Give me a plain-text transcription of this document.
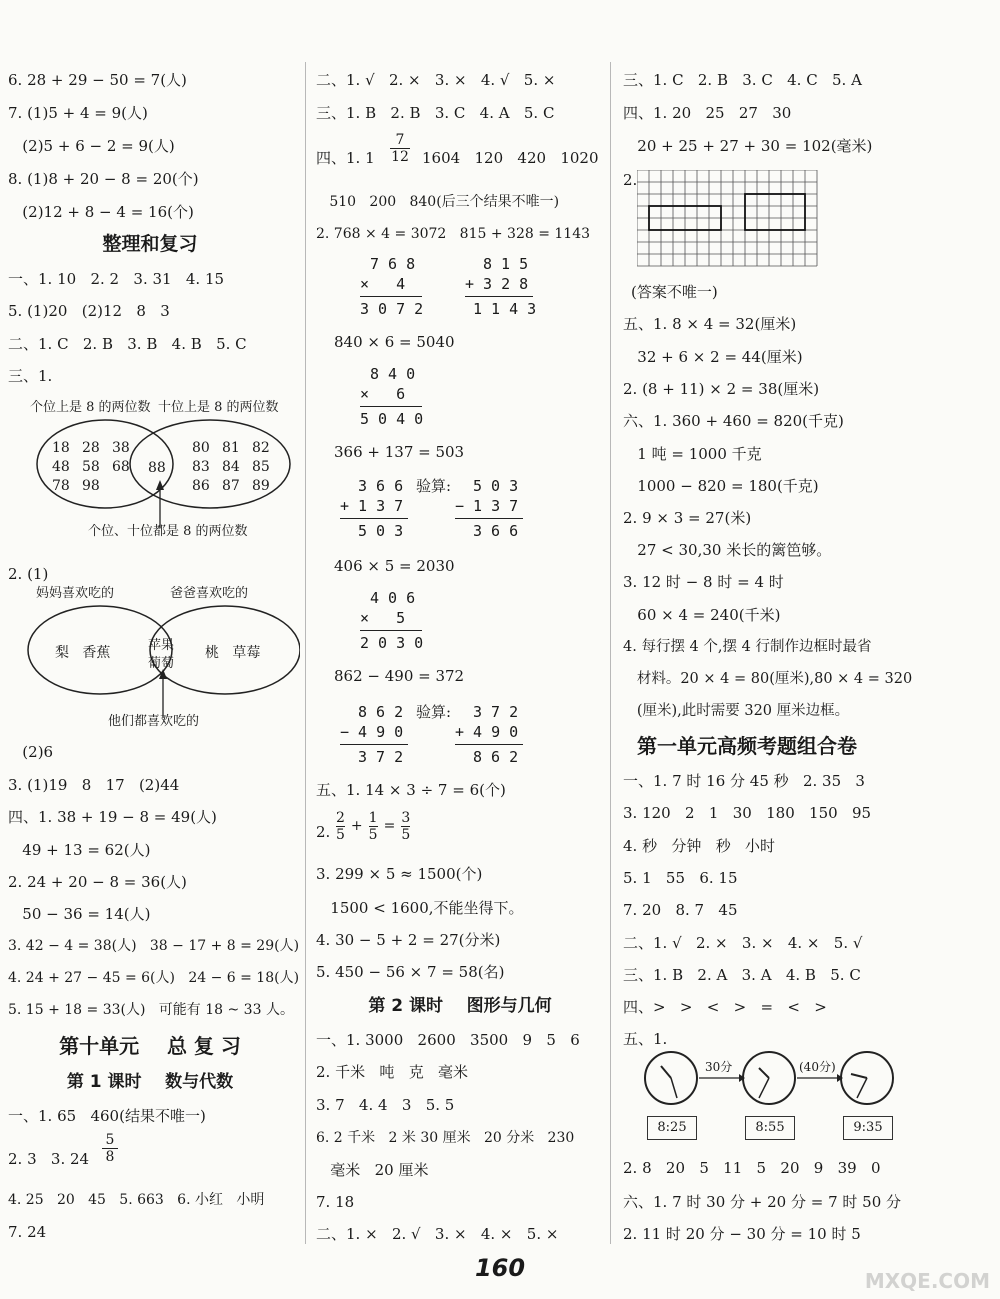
6. 28 + 29 − 50 = 7(人)
7. (1)5 + 4 = 9(人)
(2)5 + 6 − 2 = 9(人)
8. (1)8 + 20 − 8 = 20(个)
(2)12 + 8 − 4 = 16(个)
整理和复习
一、1. 10   2. 2   3. 31   4. 15
5. (1)20   (2)12   8   3
二、1. C   2. B   3. B   4. B   5. C
三、1.
个位上是 8 的两位数 十位上是 8 的两位数
18 28 38
48 58 68
78 98
88
80 81 82
83 84 85
86 87 89
个位、十位都是 8 的两位数
2. (1)
妈妈喜欢吃的	爸爸喜欢吃的
梨   香蕉	苹果
葡萄
桃   草莓
他们都喜欢吃的
(2)6
3. (1)19   8   17   (2)44
四、1. 38 + 19 − 8 = 49(人)
49 + 13 = 62(人)
2. 24 + 20 − 8 = 36(人)
50 − 36 = 14(人)
3. 42 − 4 = 38(人)   38 − 17 + 8 = 29(人)
4. 24 + 27 − 45 = 6(人)   24 − 6 = 18(人)
5. 15 + 18 = 33(人)   可能有 18 ~ 33 人。
第十单元    总 复 习
第 1 课时    数与代数
一、1. 65   460(结果不唯一)
2. 3   3. 24
5
8
4. 25   20   45   5. 663   6. 小红   小明
7. 24
二、1. √   2. ×   3. ×   4. √   5. ×
三、1. B   2. B   3. C   4. A   5. C
四、1. 1
7
12 1604   120   420   1020
510   200   840(后三个结果不唯一)
2. 768 × 4 = 3072   815 + 328 = 1143
7 6 8
×   4
3 0 7 2
8 1 5
+ 3 2 8
1 1 4 3
840 × 6 = 5040
8 4 0
×   6
5 0 4 0
366 + 137 = 503
3 6 6
+ 1 3 7
5 0 3
验算: 5 0 3
− 1 3 7
3 6 6
406 × 5 = 2030
4 0 6
×   5
2 0 3 0
862 − 490 = 372
8 6 2
− 4 9 0
3 7 2
验算: 3 7 2
+ 4 9 0
8 6 2
五、1. 14 × 3 ÷ 7 = 6(个)
2. $\frac{2}{5} + \frac{1}{5} = \frac{3}{5}$
3. 299 × 5 ≈ 1500(个)
1500 < 1600,不能坐得下。
4. 30 − 5 + 2 = 27(分米)
5. 450 − 56 × 7 = 58(名)
第 2 课时    图形与几何
一、1. 3000   2600   3500   9   5   6
2. 千米   吨   克   毫米
3. 7   4. 4   3   5. 5
6. 2 千米   2 米 30 厘米   20 分米   230
毫米   20 厘米
7. 18
二、1. ×   2. √   3. ×   4. ×   5. ×
三、1. C   2. B   3. C   4. C   5. A
四、1. 20   25   27   30
20 + 25 + 27 + 30 = 102(毫米)
2.
(答案不唯一)
五、1. 8 × 4 = 32(厘米)
32 + 6 × 2 = 44(厘米)
2. (8 + 11) × 2 = 38(厘米)
六、1. 360 + 460 = 820(千克)
1 吨 = 1000 千克
1000 − 820 = 180(千克)
2. 9 × 3 = 27(米)
27 < 30,30 米长的篱笆够。
3. 12 时 − 8 时 = 4 时
60 × 4 = 240(千米)
4. 每行摆 4 个,摆 4 行制作边框时最省
材料。20 × 4 = 80(厘米),80 × 4 = 320
(厘米),此时需要 320 厘米边框。
第一单元高频考题组合卷
一、1. 7 时 16 分 45 秒   2. 35   3
3. 120   2   1   30   180   150   95
4. 秒   分钟   秒   小时
5. 1   55   6. 15
7. 20   8. 7   45
二、1. √   2. ×   3. ×   4. ×   5. √
三、1. B   2. A   3. A   4. B   5. C
四、>   >   <   >   =   <   >
五、1.
30分	(40分)
8:25	8:55	9:35
2. 8   20   5   11   5   20   9   39   0
六、1. 7 时 30 分 + 20 分 = 7 时 50 分
2. 11 时 20 分 − 30 分 = 10 时 5
160	MXQE.COM
